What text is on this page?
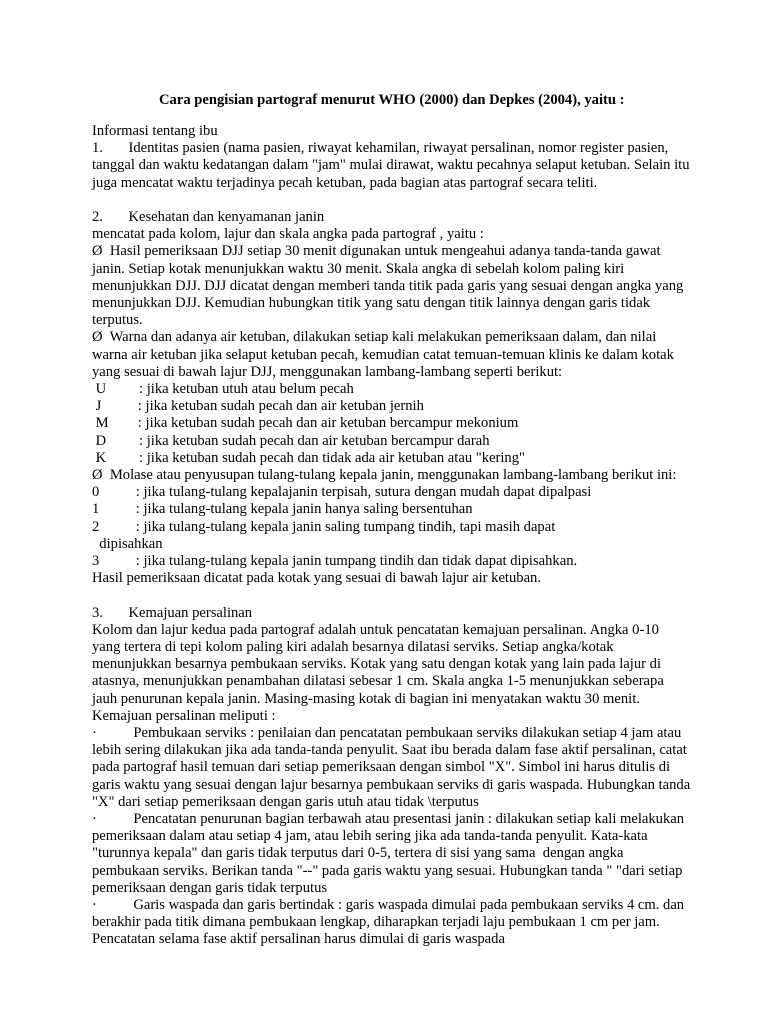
Cara pengisian partograf menurut WHO (2000) dan Depkes (2004), yaitu :
Informasi tentang ibu
1.       Identitas pasien (nama pasien, riwayat kehamilan, riwayat persalinan, nomor register pasien,
tanggal dan waktu kedatangan dalam "jam" mulai dirawat, waktu pecahnya selaput ketuban. Selain itu
juga mencatat waktu terjadinya pecah ketuban, pada bagian atas partograf secara teliti.
2.       Kesehatan dan kenyamanan janin
mencatat pada kolom, lajur dan skala angka pada partograf , yaitu :
Ø  Hasil pemeriksaan DJJ setiap 30 menit digunakan untuk mengeahui adanya tanda-tanda gawat
janin. Setiap kotak menunjukkan waktu 30 menit. Skala angka di sebelah kolom paling kiri
menunjukkan DJJ. DJJ dicatat dengan memberi tanda titik pada garis yang sesuai dengan angka yang
menunjukkan DJJ. Kemudian hubungkan titik yang satu dengan titik lainnya dengan garis tidak
terputus.
Ø  Warna dan adanya air ketuban, dilakukan setiap kali melakukan pemeriksaan dalam, dan nilai
warna air ketuban jika selaput ketuban pecah, kemudian catat temuan-temuan klinis ke dalam kotak
yang sesuai di bawah lajur DJJ, menggunakan lambang-lambang seperti berikut:
U         : jika ketuban utuh atau belum pecah
J          : jika ketuban sudah pecah dan air ketuban jernih
M        : jika ketuban sudah pecah dan air ketuban bercampur mekonium
D         : jika ketuban sudah pecah dan air ketuban bercampur darah
K         : jika ketuban sudah pecah dan tidak ada air ketuban atau "kering"
Ø  Molase atau penyusupan tulang-tulang kepala janin, menggunakan lambang-lambang berikut ini:
0          : jika tulang-tulang kepalajanin terpisah, sutura dengan mudah dapat dipalpasi
1          : jika tulang-tulang kepala janin hanya saling bersentuhan
2          : jika tulang-tulang kepala janin saling tumpang tindih, tapi masih dapat
dipisahkan
3          : jika tulang-tulang kepala janin tumpang tindih dan tidak dapat dipisahkan.
Hasil pemeriksaan dicatat pada kotak yang sesuai di bawah lajur air ketuban.
3.       Kemajuan persalinan
Kolom dan lajur kedua pada partograf adalah untuk pencatatan kemajuan persalinan. Angka 0-10
yang tertera di tepi kolom paling kiri adalah besarnya dilatasi serviks. Setiap angka/kotak
menunjukkan besarnya pembukaan serviks. Kotak yang satu dengan kotak yang lain pada lajur di
atasnya, menunjukkan penambahan dilatasi sebesar 1 cm. Skala angka 1-5 menunjukkan seberapa
jauh penurunan kepala janin. Masing-masing kotak di bagian ini menyatakan waktu 30 menit.
Kemajuan persalinan meliputi :
·          Pembukaan serviks : penilaian dan pencatatan pembukaan serviks dilakukan setiap 4 jam atau
lebih sering dilakukan jika ada tanda-tanda penyulit. Saat ibu berada dalam fase aktif persalinan, catat
pada partograf hasil temuan dari setiap pemeriksaan dengan simbol "X". Simbol ini harus ditulis di
garis waktu yang sesuai dengan lajur besarnya pembukaan serviks di garis waspada. Hubungkan tanda
"X" dari setiap pemeriksaan dengan garis utuh atau tidak \terputus
·          Pencatatan penurunan bagian terbawah atau presentasi janin : dilakukan setiap kali melakukan
pemeriksaan dalam atau setiap 4 jam, atau lebih sering jika ada tanda-tanda penyulit. Kata-kata
"turunnya kepala" dan garis tidak terputus dari 0-5, tertera di sisi yang sama  dengan angka
pembukaan serviks. Berikan tanda "--" pada garis waktu yang sesuai. Hubungkan tanda " "dari setiap
pemeriksaan dengan garis tidak terputus
·          Garis waspada dan garis bertindak : garis waspada dimulai pada pembukaan serviks 4 cm. dan
berakhir pada titik dimana pembukaan lengkap, diharapkan terjadi laju pembukaan 1 cm per jam.
Pencatatan selama fase aktif persalinan harus dimulai di garis waspada
